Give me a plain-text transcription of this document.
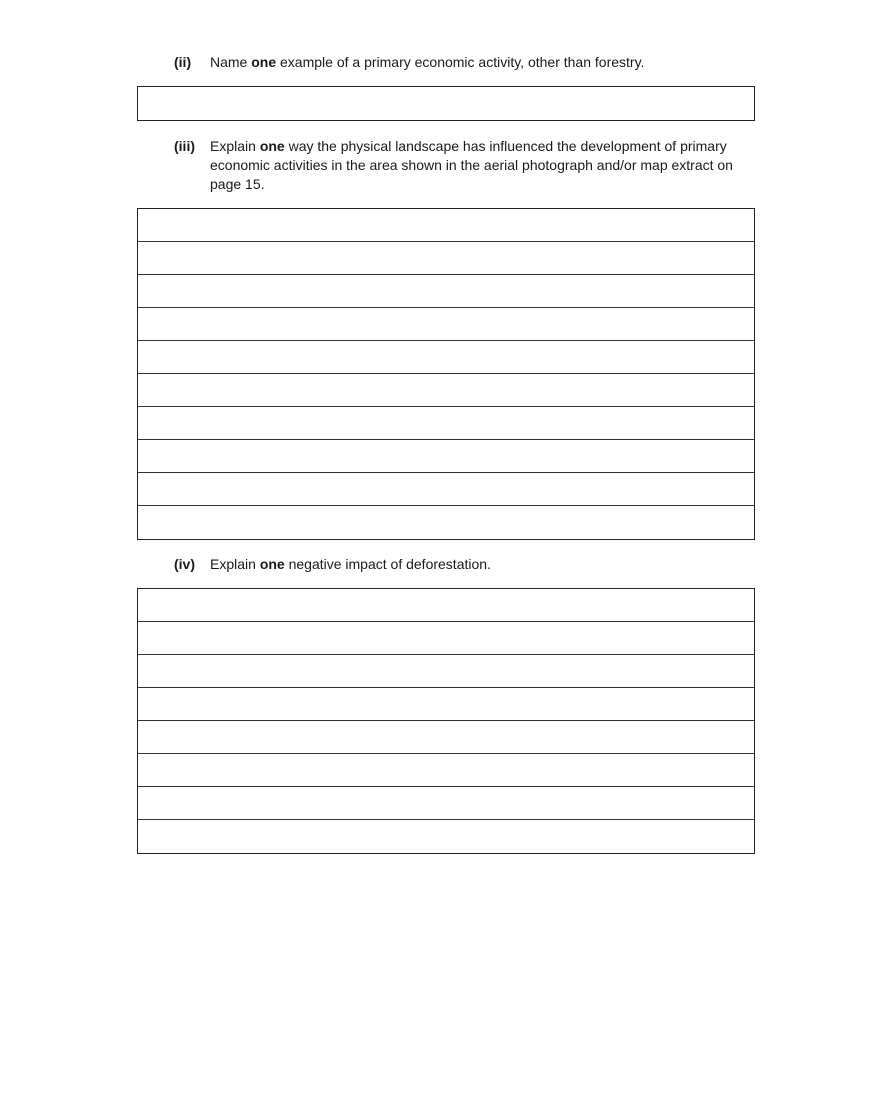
(ii) Name one example of a primary economic activity, other than forestry.
(iii) Explain one way the physical landscape has influenced the development of primary economic activities in the area shown in the aerial photograph and/or map extract on page 15.
(iv) Explain one negative impact of deforestation.
